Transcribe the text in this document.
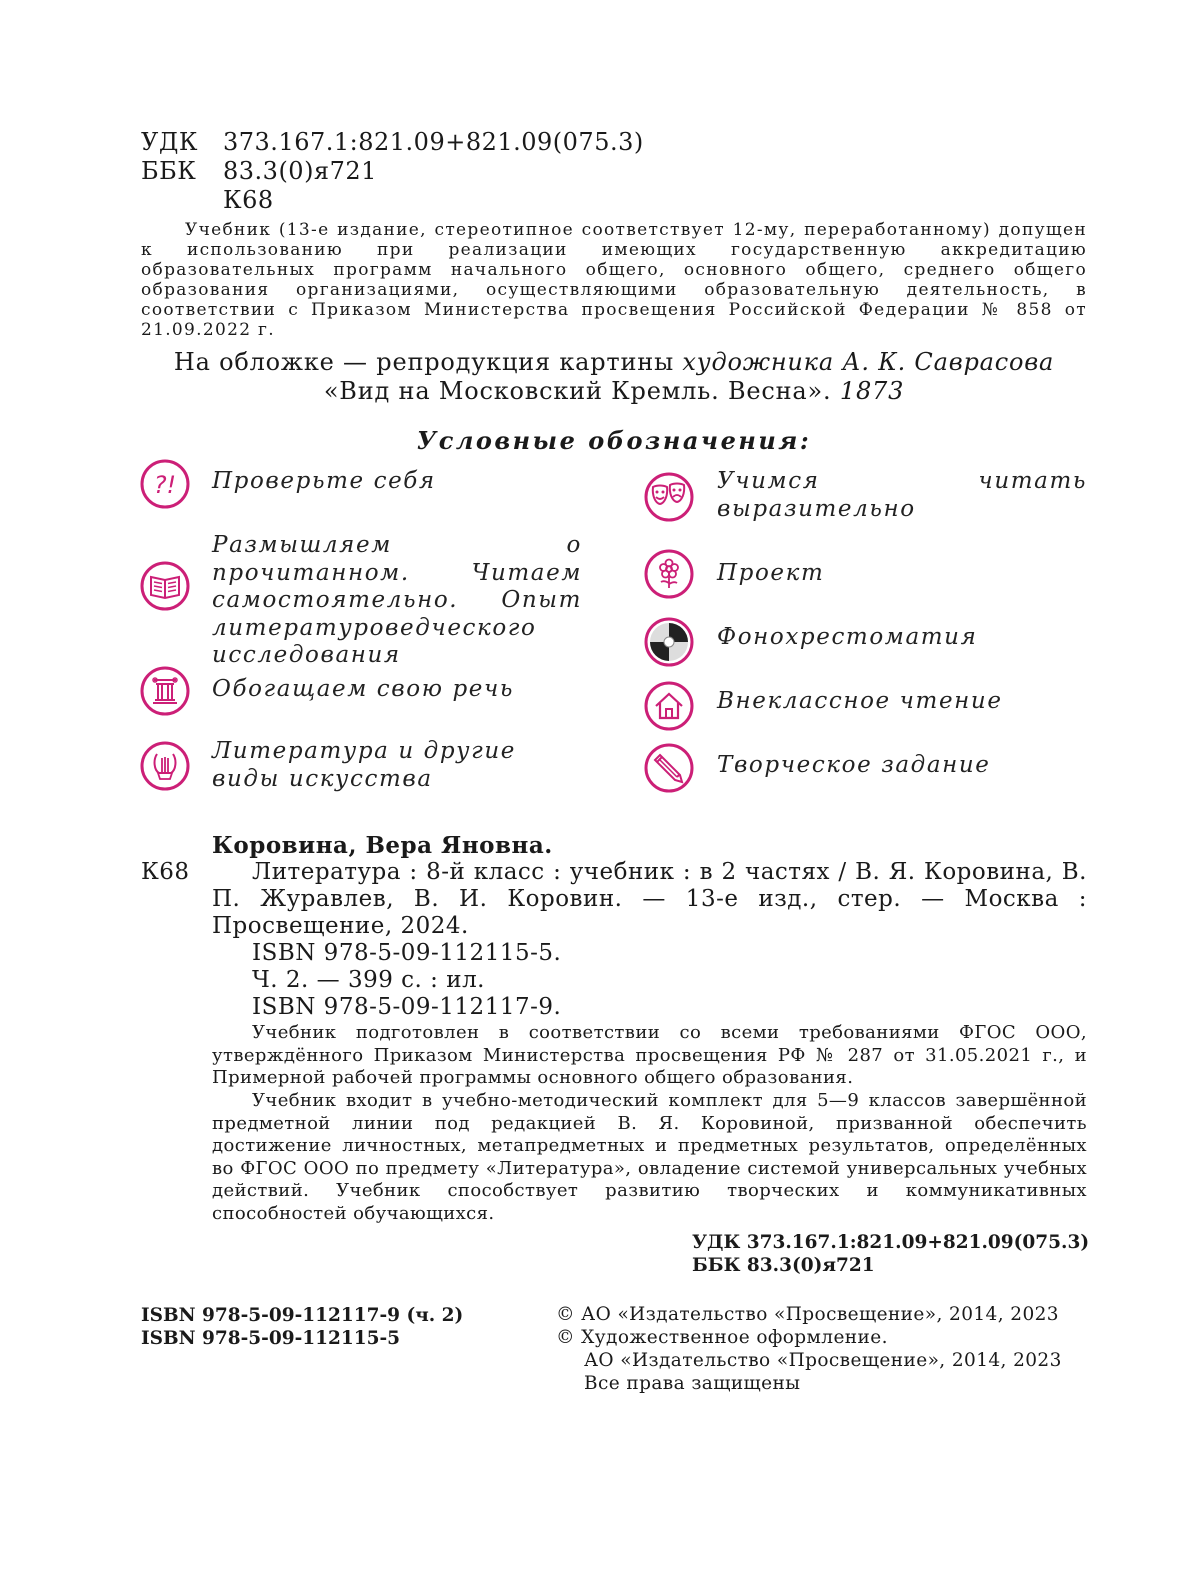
УДК 373.167.1:821.09+821.09(075.3)
ББК 83.3(0)я721
К68
Учебник (13-е издание, стереотипное соответствует 12-му, переработанному) допущен к использованию при реализации имеющих государственную аккредитацию образовательных программ начального общего, основного общего, среднего общего образования организациями, осуществляющими образовательную деятельность, в соответствии с Приказом Министерства просвещения Российской Федерации № 858 от 21.09.2022 г.
На обложке — репродукция картины художника А. К. Саврасова
«Вид на Московский Кремль. Весна». 1873
Условные обозначения:
?! Проверьте себя
Размышляем о прочитанном. Читаем самостоятельно. Опыт литературоведческого исследования
Обогащаем свою речь
Литература и другие виды искусства
Учимся читать выразительно
Проект
Фонохрестоматия
Внеклассное чтение
Творческое задание
Коровина, Вера Яновна.
К68	Литература : 8-й класс : учебник : в 2 частях / В. Я. Коровина, В. П. Журавлев, В. И. Коровин. — 13-е изд., стер. — Москва : Просвещение, 2024.
ISBN 978-5-09-112115-5.
Ч. 2. — 399 с. : ил.
ISBN 978-5-09-112117-9.
Учебник подготовлен в соответствии со всеми требованиями ФГОС ООО, утверждённого Приказом Министерства просвещения РФ № 287 от 31.05.2021 г., и Примерной рабочей программы основного общего образования.
Учебник входит в учебно-методический комплект для 5—9 классов завершённой предметной линии под редакцией В. Я. Коровиной, призванной обеспечить достижение личностных, метапредметных и предметных результатов, определённых во ФГОС ООО по предмету «Литература», овладение системой универсальных учебных действий. Учебник способствует развитию творческих и коммуникативных способностей обучающихся.
УДК 373.167.1:821.09+821.09(075.3)
ББК 83.3(0)я721
ISBN 978-5-09-112117-9 (ч. 2)
ISBN 978-5-09-112115-5
© АО «Издательство «Просвещение», 2014, 2023
© Художественное оформление.
АО «Издательство «Просвещение», 2014, 2023
Все права защищены
